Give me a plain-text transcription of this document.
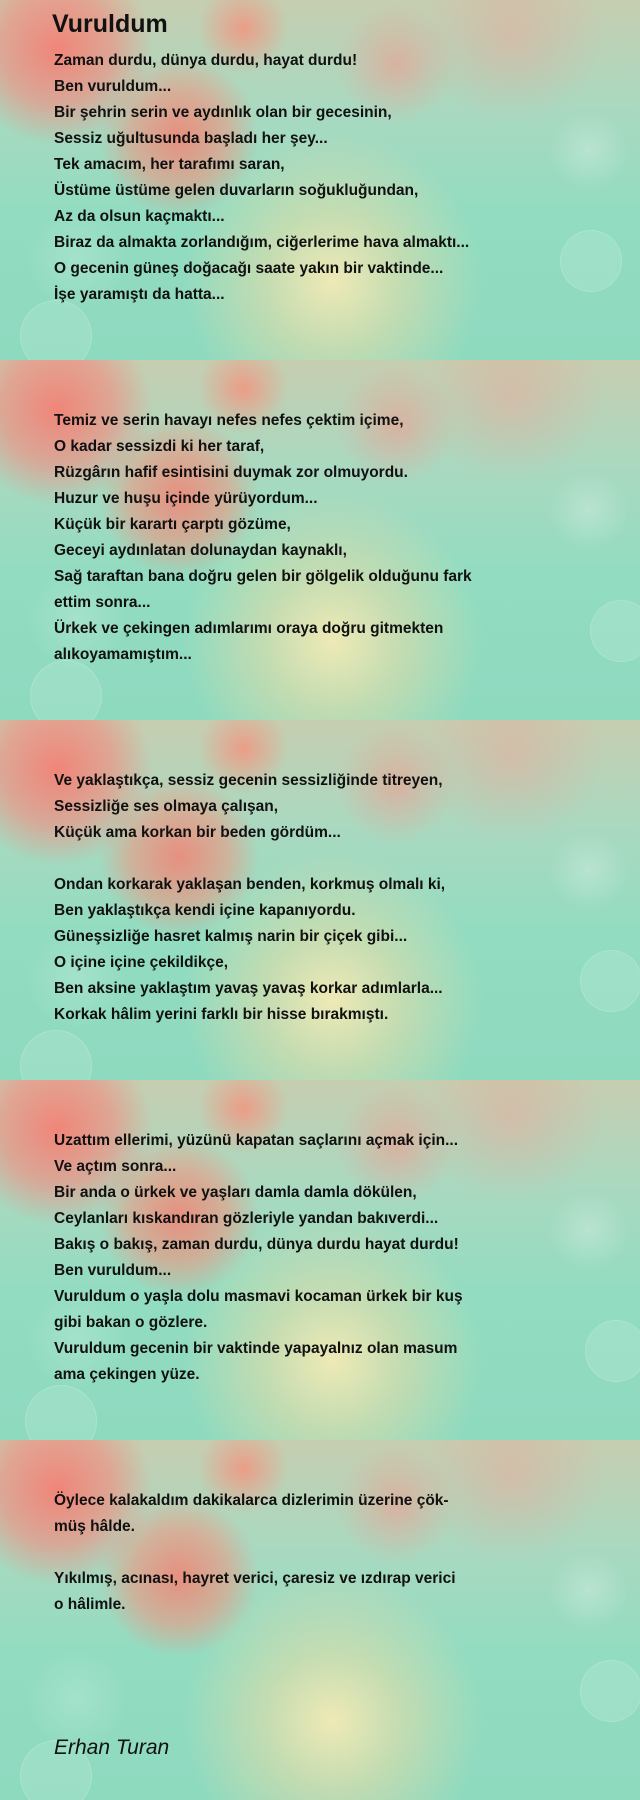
Vuruldum
Zaman durdu, dünya durdu, hayat durdu!
Ben vuruldum...
Bir şehrin serin ve aydınlık olan bir gecesinin,
Sessiz uğultusunda başladı her şey...
Tek amacım, her tarafımı saran,
Üstüme üstüme gelen duvarların soğukluğundan,
Az da olsun kaçmaktı...
Biraz da almakta zorlandığım, ciğerlerime hava almaktı...
O gecenin güneş doğacağı saate yakın bir vaktinde...
İşe yaramıştı da hatta...
Temiz ve serin havayı nefes nefes çektim içime,
O kadar sessizdi ki her taraf,
Rüzgârın hafif esintisini duymak zor olmuyordu.
Huzur ve huşu içinde yürüyordum...
Küçük bir karartı çarptı gözüme,
Geceyi aydınlatan dolunaydan kaynaklı,
Sağ taraftan bana doğru gelen bir gölgelik olduğunu fark
ettim sonra...
Ürkek ve çekingen adımlarımı oraya doğru gitmekten
alıkoyamamıştım...
Ve yaklaştıkça, sessiz gecenin sessizliğinde titreyen,
Sessizliğe ses olmaya çalışan,
Küçük ama korkan bir beden gördüm...
Ondan korkarak yaklaşan benden, korkmuş olmalı ki,
Ben yaklaştıkça kendi içine kapanıyordu.
Güneşsizliğe hasret kalmış narin bir çiçek gibi...
O içine içine çekildikçe,
Ben aksine yaklaştım yavaş yavaş korkar adımlarla...
Korkak hâlim yerini farklı bir hisse bırakmıştı.
Uzattım ellerimi, yüzünü kapatan saçlarını açmak için...
Ve açtım sonra...
Bir anda o ürkek ve yaşları damla damla dökülen,
Ceylanları kıskandıran gözleriyle yandan bakıverdi...
Bakış o bakış, zaman durdu, dünya durdu hayat durdu!
Ben vuruldum...
Vuruldum o yaşla dolu masmavi kocaman ürkek bir kuş
gibi bakan o gözlere.
Vuruldum gecenin bir vaktinde yapayalnız olan masum
ama çekingen yüze.
Öylece kalakaldım dakikalarca dizlerimin üzerine çök-
müş hâlde.
Yıkılmış, acınası, hayret verici, çaresiz ve ızdırap verici
o hâlimle.
Erhan Turan
